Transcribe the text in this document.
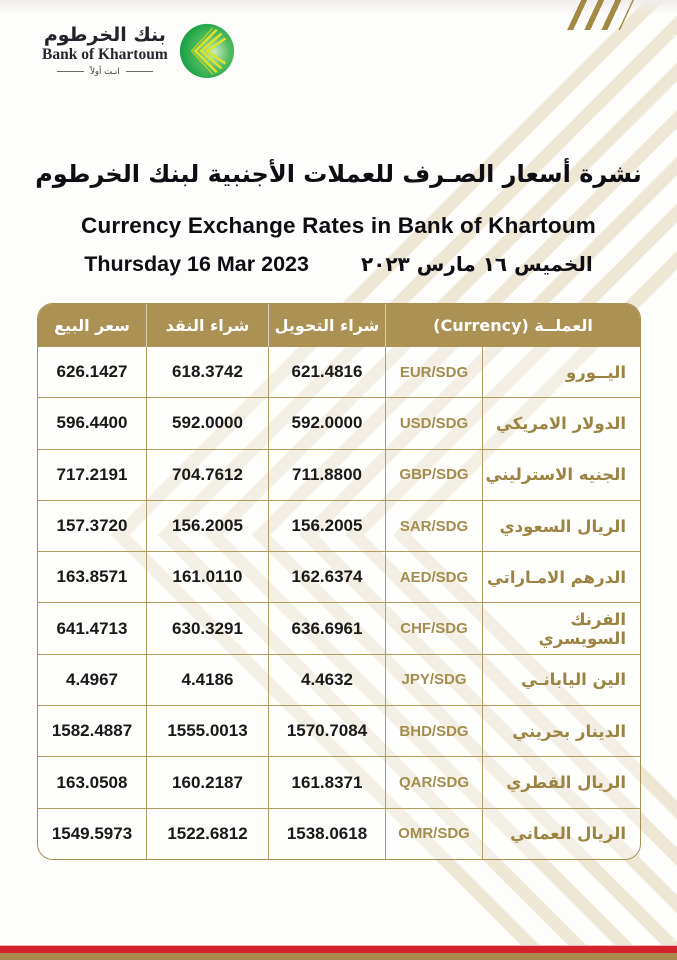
بنك الخرطوم
Bank of Khartoum
انـت أولاً
نشرة أسعار الصـرف للعملات الأجنبية لبنك الخرطوم
Currency Exchange Rates in Bank of Khartoum
Thursday 16 Mar 2023	الخميس ١٦ مارس ٢٠٢٣
سعر البيع	شراء النقد	شراء التحويل	العملــة (Currency)
626.1427	618.3742	621.4816	EUR/SDG	اليــورو
596.4400	592.0000	592.0000	USD/SDG	الدولار الامريكي
717.2191	704.7612	711.8800	GBP/SDG	الجنيه الاسترليني
157.3720	156.2005	156.2005	SAR/SDG	الريال السعودي
163.8571	161.0110	162.6374	AED/SDG	الدرهم الامـاراتي
641.4713	630.3291	636.6961	CHF/SDG	الفرنك السويسري
4.4967	4.4186	4.4632	JPY/SDG	الين اليابانـي
1582.4887	1555.0013	1570.7084	BHD/SDG	الدينار بحريني
163.0508	160.2187	161.8371	QAR/SDG	الريال القطري
1549.5973	1522.6812	1538.0618	OMR/SDG	الريال العماني
